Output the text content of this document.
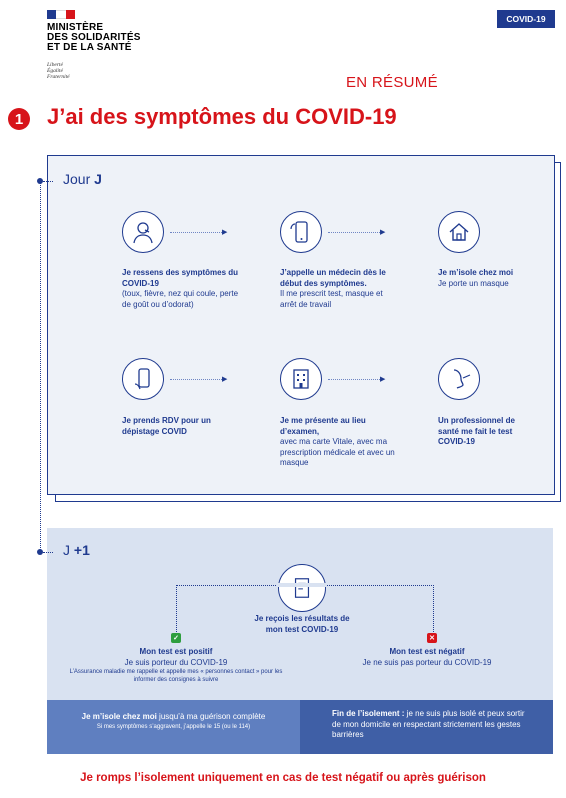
MINISTÈRE
DES SOLIDARITÉS
ET DE LA SANTÉ
Liberté
Égalité
Fraternité
COVID-19
EN RÉSUMÉ
1	J’ai des symptômes du COVID-19
Jour J
▶	▶
Je ressens des symptômes du COVID-19
(toux, fièvre, nez qui coule, perte de goût ou d’odorat)
J’appelle un médecin dès le début des symptômes.
Il me prescrit test, masque et arrêt de travail
Je m’isole chez moi
Je porte un masque
▶	▶
Je prends RDV pour un dépistage COVID
Je me présente au lieu d’examen,
avec ma carte Vitale, avec ma prescription médicale et avec un masque
Un professionnel de santé me fait le test COVID-19
J +1
Je reçois les résultats de mon test COVID-19
✓	✕
Mon test est positif
Je suis porteur du COVID-19
L’Assurance maladie me rappelle et appelle mes « personnes contact » pour les informer des consignes à suivre
Mon test est négatif
Je ne suis pas porteur du COVID-19
Je m’isole chez moi jusqu’à ma guérison complète
Si mes symptômes s’aggravent, j’appelle le 15 (ou le 114)
Fin de l’isolement : je ne suis plus isolé et peux sortir de mon domicile en respectant strictement les gestes barrières
Je romps l’isolement uniquement en cas de test négatif ou après guérison
